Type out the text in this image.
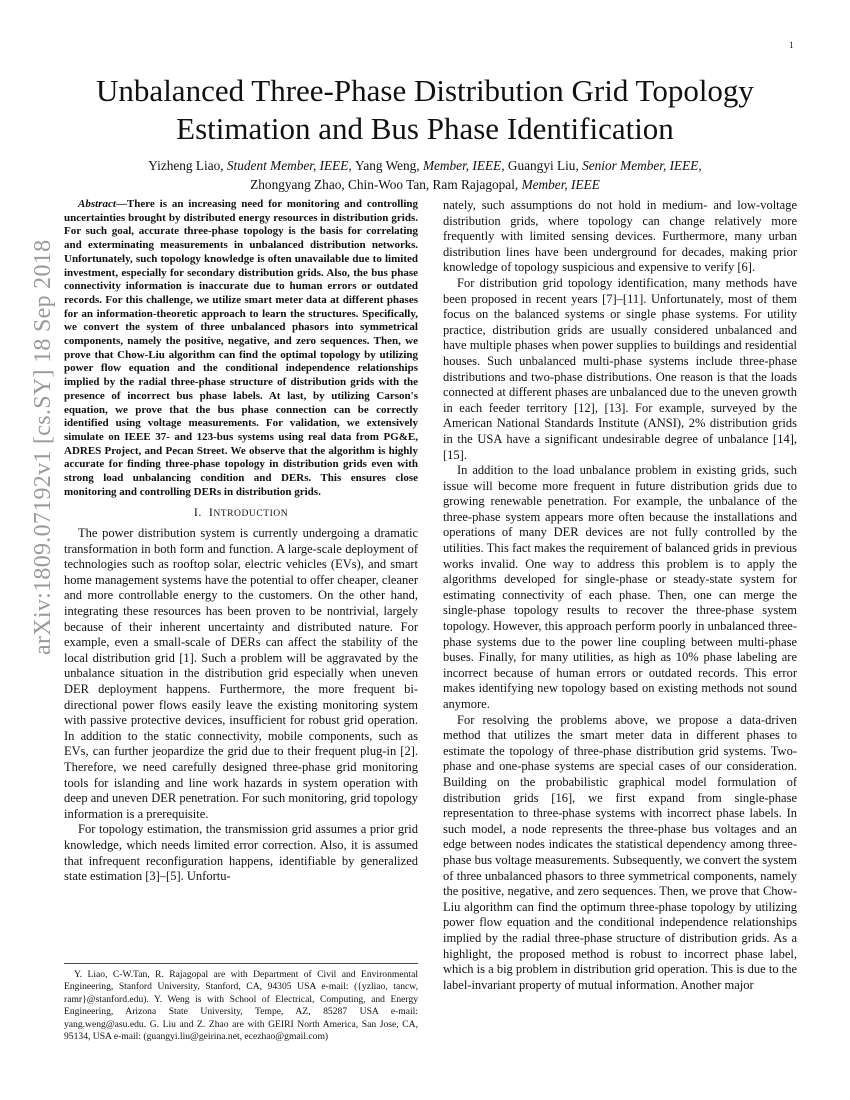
1
arXiv:1809.07192v1 [cs.SY] 18 Sep 2018
Unbalanced Three-Phase Distribution Grid Topology Estimation and Bus Phase Identification
Yizheng Liao, Student Member, IEEE, Yang Weng, Member, IEEE, Guangyi Liu, Senior Member, IEEE,
Zhongyang Zhao, Chin-Woo Tan, Ram Rajagopal, Member, IEEE

Abstract—There is an increasing need for monitoring and controlling uncertainties brought by distributed energy resources in distribution grids. For such goal, accurate three-phase topology is the basis for correlating and exterminating measurements in unbalanced distribution networks. Unfortunately, such topology knowledge is often unavailable due to limited investment, especially for secondary distribution grids. Also, the bus phase connectivity information is inaccurate due to human errors or outdated records. For this challenge, we utilize smart meter data at different phases for an information-theoretic approach to learn the structures. Specifically, we convert the system of three unbalanced phasors into symmetrical components, namely the positive, negative, and zero sequences. Then, we prove that Chow-Liu algorithm can find the optimal topology by utilizing power flow equation and the conditional independence relationships implied by the radial three-phase structure of distribution grids with the presence of incorrect bus phase labels. At last, by utilizing Carson's equation, we prove that the bus phase connection can be correctly identified using voltage measurements. For validation, we extensively simulate on IEEE 37- and 123-bus systems using real data from PG&E, ADRES Project, and Pecan Street. We observe that the algorithm is highly accurate for finding three-phase topology in distribution grids even with strong load unbalancing condition and DERs. This ensures close monitoring and controlling DERs in distribution grids.

I. INTRODUCTION

The power distribution system is currently undergoing a dramatic transformation in both form and function. A large-scale deployment of technologies such as rooftop solar, electric vehicles (EVs), and smart home management systems have the potential to offer cheaper, cleaner and more controllable energy to the customers. On the other hand, integrating these resources has been proven to be nontrivial, largely because of their inherent uncertainty and distributed nature. For example, even a small-scale of DERs can affect the stability of the local distribution grid [1]. Such a problem will be aggravated by the unbalance situation in the distribution grid especially when uneven DER deployment happens. Furthermore, the more frequent bi-directional power flows easily leave the existing monitoring system with passive protective devices, insufficient for robust grid operation. In addition to the static connectivity, mobile components, such as EVs, can further jeopardize the grid due to their frequent plug-in [2]. Therefore, we need carefully designed three-phase grid monitoring tools for islanding and line work hazards in system operation with deep and uneven DER penetration. For such monitoring, grid topology information is a prerequisite.

For topology estimation, the transmission grid assumes a prior grid knowledge, which needs limited error correction. Also, it is assumed that infrequent reconfiguration happens, identifiable by generalized state estimation [3]–[5]. Unfortu-

Y. Liao, C-W.Tan, R. Rajagopal are with Department of Civil and Environmental Engineering, Stanford University, Stanford, CA, 94305 USA e-mail: ({yzliao, tancw, ramr}@stanford.edu). Y. Weng is with School of Electrical, Computing, and Energy Engineering, Arizona State University, Tempe, AZ, 85287 USA e-mail: yang.weng@asu.edu. G. Liu and Z. Zhao are with GEIRI North America, San Jose, CA, 95134, USA e-mail: (guangyi.liu@geirina.net, ecezhao@gmail.com)

nately, such assumptions do not hold in medium- and low-voltage distribution grids, where topology can change relatively more frequently with limited sensing devices. Furthermore, many urban distribution lines have been underground for decades, making prior knowledge of topology suspicious and expensive to verify [6].

For distribution grid topology identification, many methods have been proposed in recent years [7]–[11]. Unfortunately, most of them focus on the balanced systems or single phase systems. For utility practice, distribution grids are usually considered unbalanced and have multiple phases when power supplies to buildings and residential houses. Such unbalanced multi-phase systems include three-phase distributions and two-phase distributions. One reason is that the loads connected at different phases are unbalanced due to the uneven growth in each feeder territory [12], [13]. For example, surveyed by the American National Standards Institute (ANSI), 2% distribution grids in the USA have a significant undesirable degree of unbalance [14], [15].

In addition to the load unbalance problem in existing grids, such issue will become more frequent in future distribution grids due to growing renewable penetration. For example, the unbalance of the three-phase system appears more often because the installations and operations of many DER devices are not fully controlled by the utilities. This fact makes the requirement of balanced grids in previous works invalid. One way to address this problem is to apply the algorithms developed for single-phase or steady-state system for estimating connectivity of each phase. Then, one can merge the single-phase topology results to recover the three-phase system topology. However, this approach perform poorly in unbalanced three-phase systems due to the power line coupling between multi-phase buses. Finally, for many utilities, as high as 10% phase labeling are incorrect because of human errors or outdated records. This error makes identifying new topology based on existing methods not sound anymore.

For resolving the problems above, we propose a data-driven method that utilizes the smart meter data in different phases to estimate the topology of three-phase distribution grid systems. Two-phase and one-phase systems are special cases of our consideration. Building on the probabilistic graphical model formulation of distribution grids [16], we first expand from single-phase representation to three-phase systems with incorrect phase labels. In such model, a node represents the three-phase bus voltages and an edge between nodes indicates the statistical dependency among three-phase bus voltage measurements. Subsequently, we convert the system of three unbalanced phasors to three symmetrical components, namely the positive, negative, and zero sequences. Then, we prove that Chow-Liu algorithm can find the optimum three-phase topology by utilizing power flow equation and the conditional independence relationships implied by the radial three-phase structure of distribution grids. As a highlight, the proposed method is robust to incorrect phase label, which is a big problem in distribution grid operation. This is due to the label-invariant property of mutual information. Another major
